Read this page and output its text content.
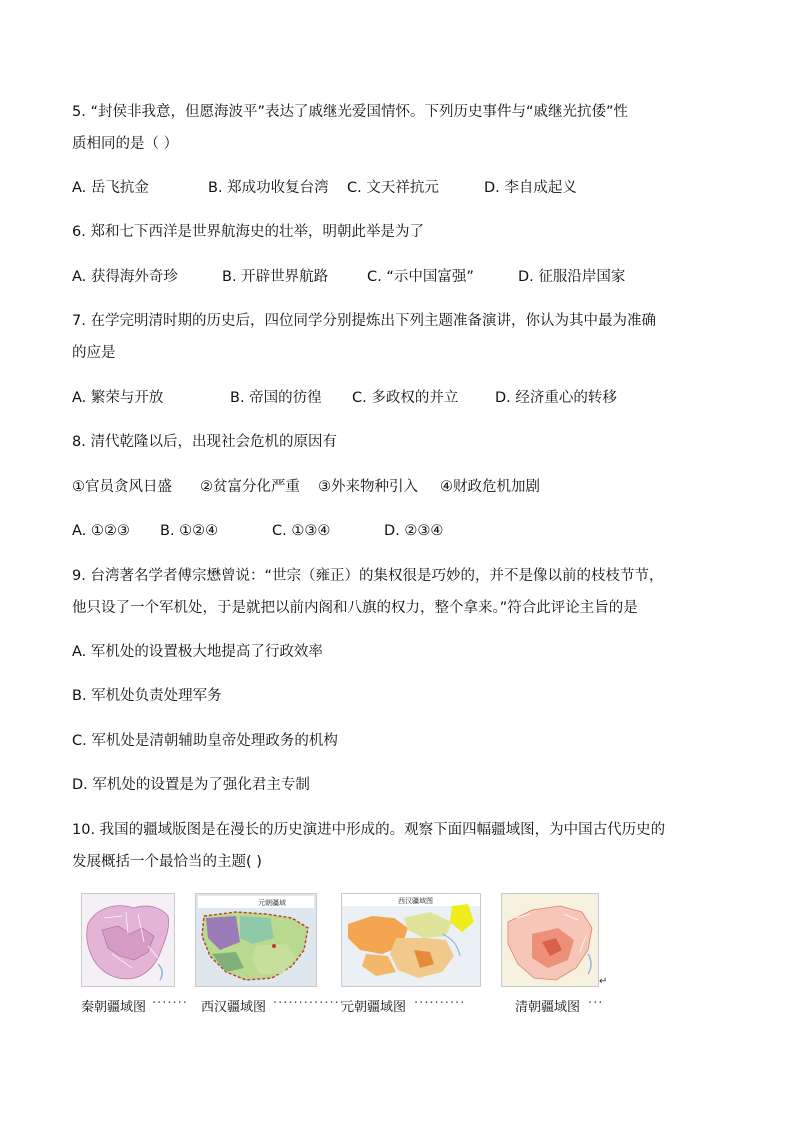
5. “封侯非我意，但愿海波平”表达了戚继光爱国情怀。下列历史事件与“戚继光抗倭”性
质相同的是（ ）
A. 岳飞抗金	B. 郑成功收复台湾 C. 文天祥抗元	D. 李自成起义
6. 郑和七下西洋是世界航海史的壮举，明朝此举是为了
A. 获得海外奇珍	B. 开辟世界航路	C. “示中国富强”	D. 征服沿岸国家
7. 在学完明清时期的历史后，四位同学分别提炼出下列主题准备演讲，你认为其中最为准确
的应是
A. 繁荣与开放	B. 帝国的彷徨 C. 多政权的并立	D. 经济重心的转移
8. 清代乾隆以后，出现社会危机的原因有
①官员贪风日盛 ②贫富分化严重 ③外来物种引入 ④财政危机加剧
A. ①②③ B. ①②④	C. ①③④	D. ②③④
9. 台湾著名学者傅宗懋曾说：“世宗（雍正）的集权很是巧妙的，并不是像以前的枝枝节节，
他只设了一个军机处，于是就把以前内阁和八旗的权力，整个拿来。”符合此评论主旨的是
A. 军机处的设置极大地提高了行政效率
B. 军机处负责处理军务
C. 军机处是清朝辅助皇帝处理政务的机构
D. 军机处的设置是为了强化君主专制
10. 我国的疆域版图是在漫长的历史演进中形成的。观察下面四幅疆域图，为中国古代历史的
发展概括一个最恰当的主题( )
元朝疆域	西汉疆域图
↵
秦朝疆域图 ······· 西汉疆域图 ··············
元朝疆域图 ··········	清朝疆域图 ···
